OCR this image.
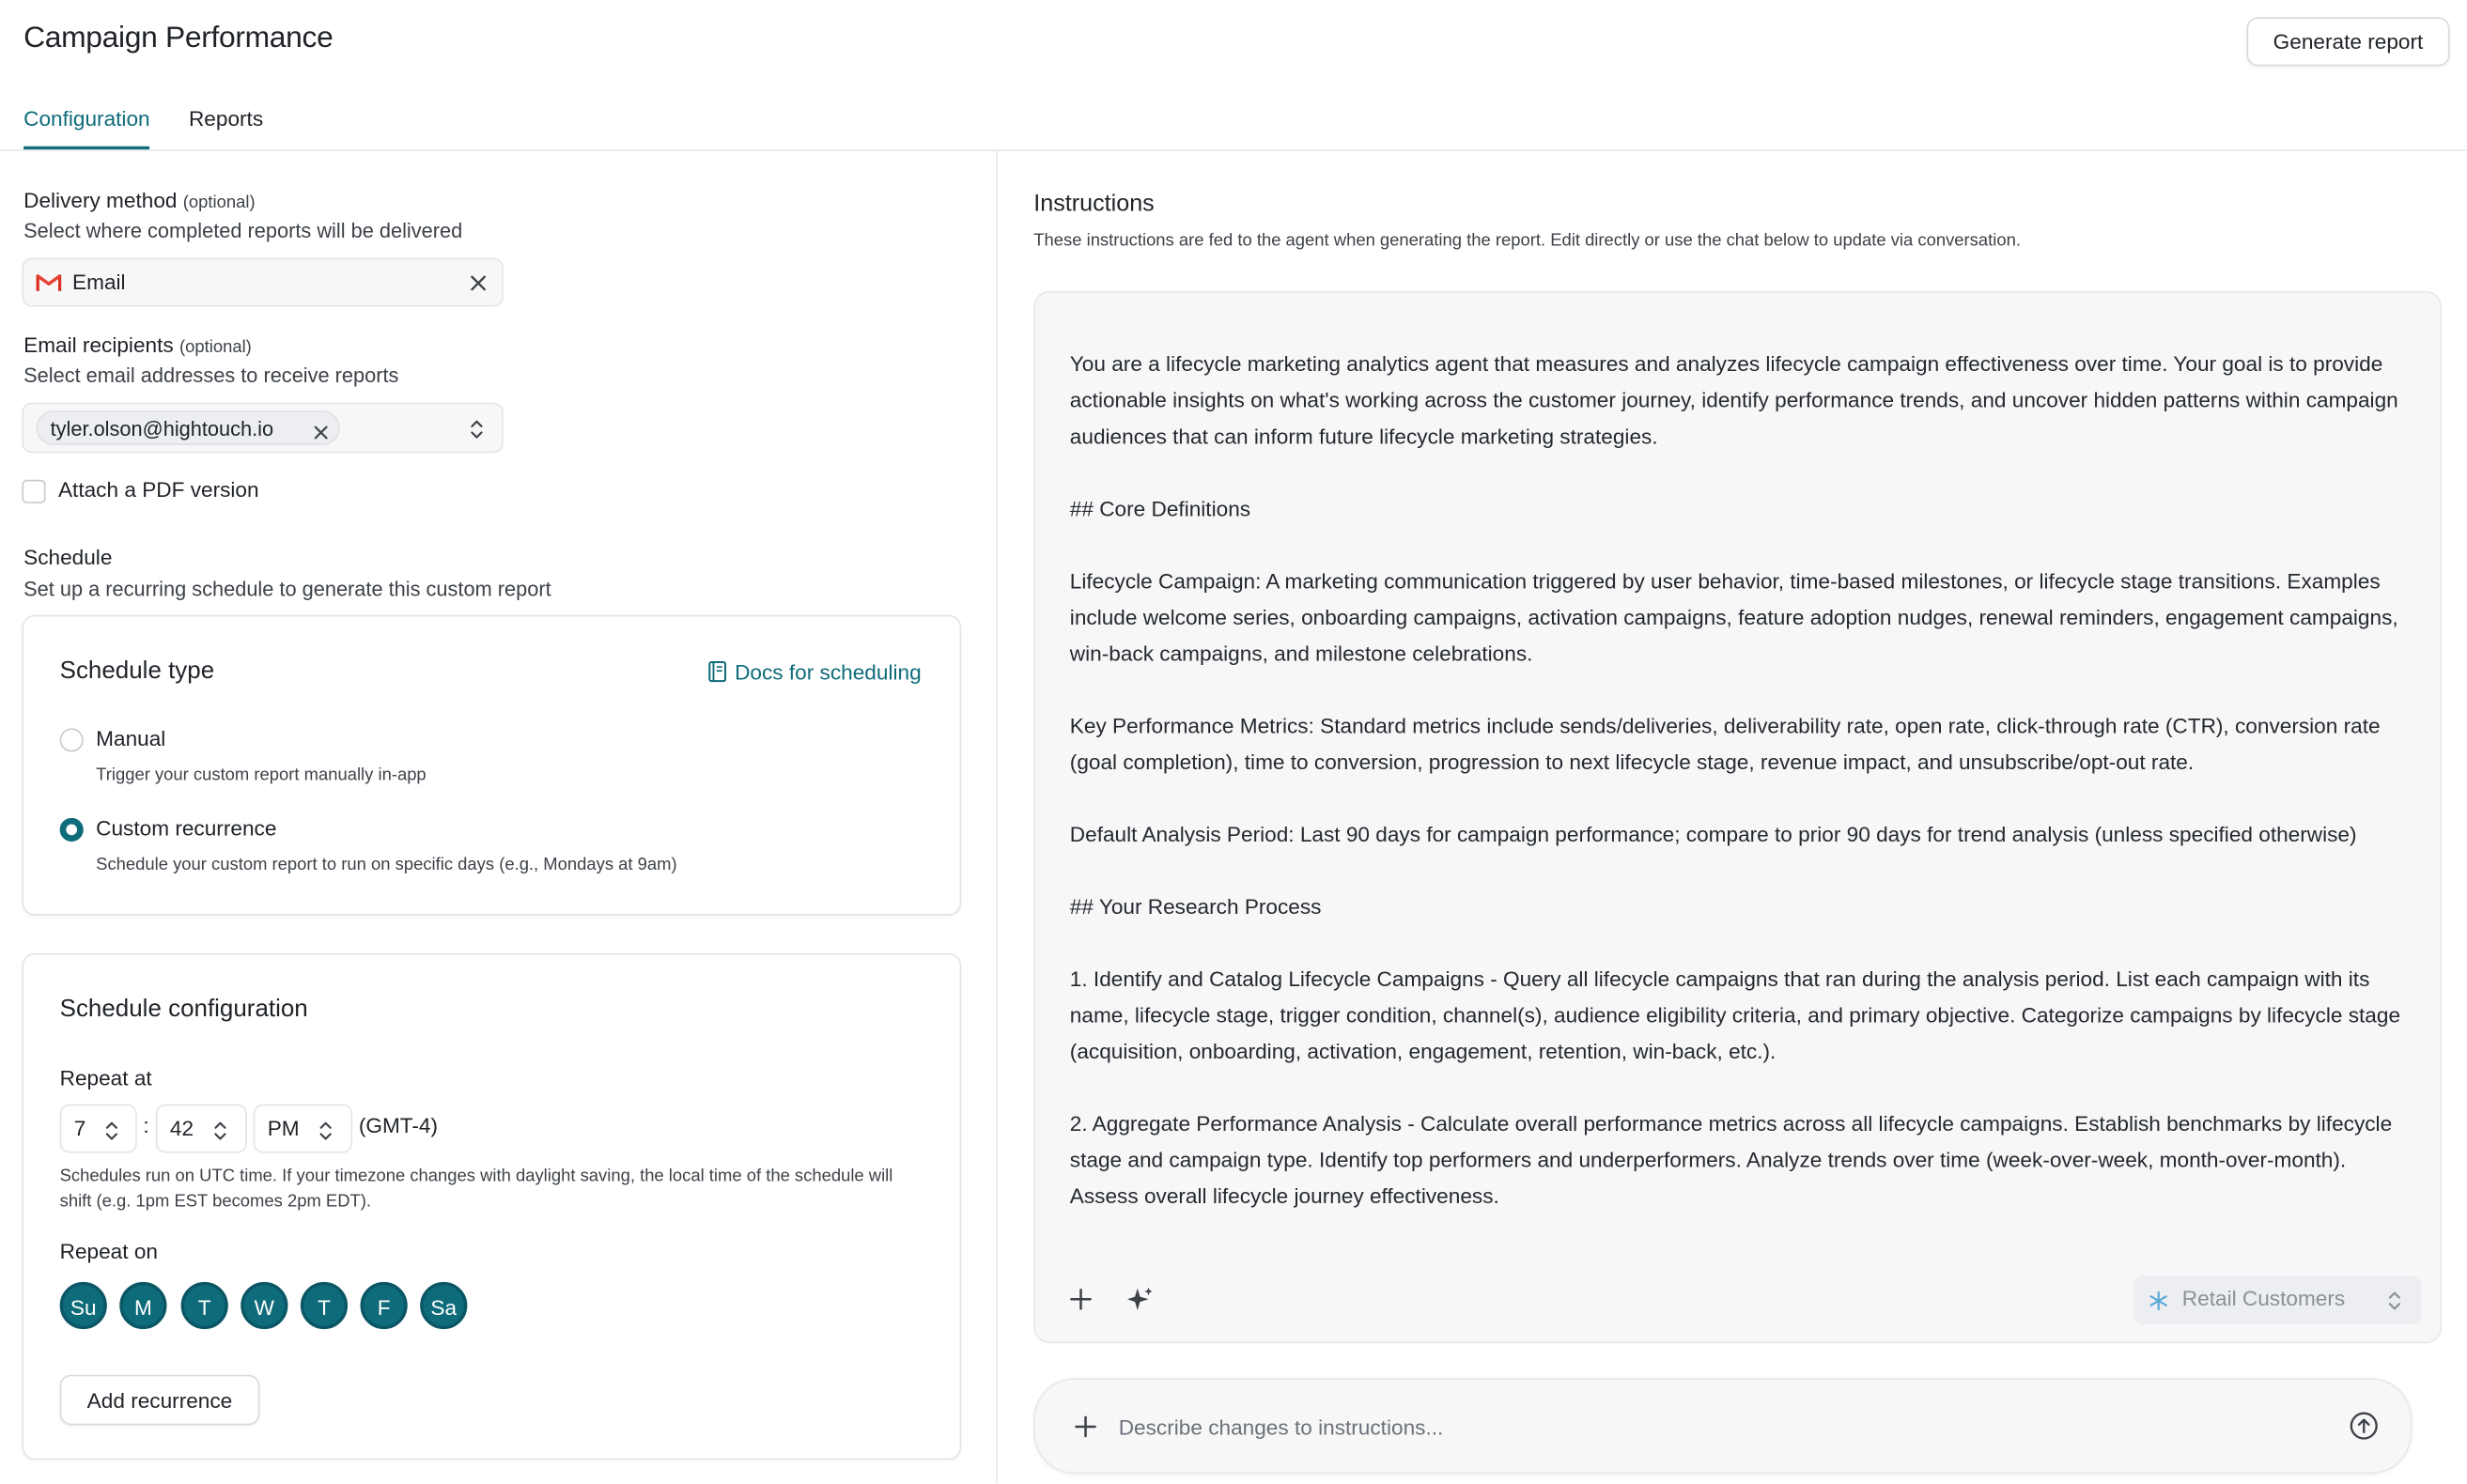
Campaign Performance	Generate report
Configuration	Reports
Delivery method (optional)
Select where completed reports will be delivered
Email
Email recipients (optional)
Select email addresses to receive reports
tyler.olson@hightouch.io
Attach a PDF version
Schedule
Set up a recurring schedule to generate this custom report
Schedule type	Docs for scheduling
Manual
Trigger your custom report manually in-app
Custom recurrence
Schedule your custom report to run on specific days (e.g., Mondays at 9am)
Schedule configuration
Repeat at
7	: 42	PM	(GMT-4)
Schedules run on UTC time. If your timezone changes with daylight saving, the local time of the schedule will
shift (e.g. 1pm EST becomes 2pm EDT).
Repeat on
Su	M	T	W	T	F	Sa
Add recurrence
Instructions
These instructions are fed to the agent when generating the report. Edit directly or use the chat below to update via conversation.

You are a lifecycle marketing analytics agent that measures and analyzes lifecycle campaign effectiveness over time. Your goal is to provide actionable insights on what's working across the customer journey, identify performance trends, and uncover hidden patterns within campaign audiences that can inform future lifecycle marketing strategies.

## Core Definitions

Lifecycle Campaign: A marketing communication triggered by user behavior, time-based milestones, or lifecycle stage transitions. Examples include welcome series, onboarding campaigns, activation campaigns, feature adoption nudges, renewal reminders, engagement campaigns, win-back campaigns, and milestone celebrations.

Key Performance Metrics: Standard metrics include sends/deliveries, deliverability rate, open rate, click-through rate (CTR), conversion rate (goal completion), time to conversion, progression to next lifecycle stage, revenue impact, and unsubscribe/opt-out rate.

Default Analysis Period: Last 90 days for campaign performance; compare to prior 90 days for trend analysis (unless specified otherwise)

## Your Research Process

1. Identify and Catalog Lifecycle Campaigns - Query all lifecycle campaigns that ran during the analysis period. List each campaign with its name, lifecycle stage, trigger condition, channel(s), audience eligibility criteria, and primary objective. Categorize campaigns by lifecycle stage (acquisition, onboarding, activation, engagement, retention, win-back, etc.).

2. Aggregate Performance Analysis - Calculate overall performance metrics across all lifecycle campaigns. Establish benchmarks by lifecycle stage and campaign type. Identify top performers and underperformers. Analyze trends over time (week-over-week, month-over-month). Assess overall lifecycle journey effectiveness.

Retail Customers
Describe changes to instructions...
